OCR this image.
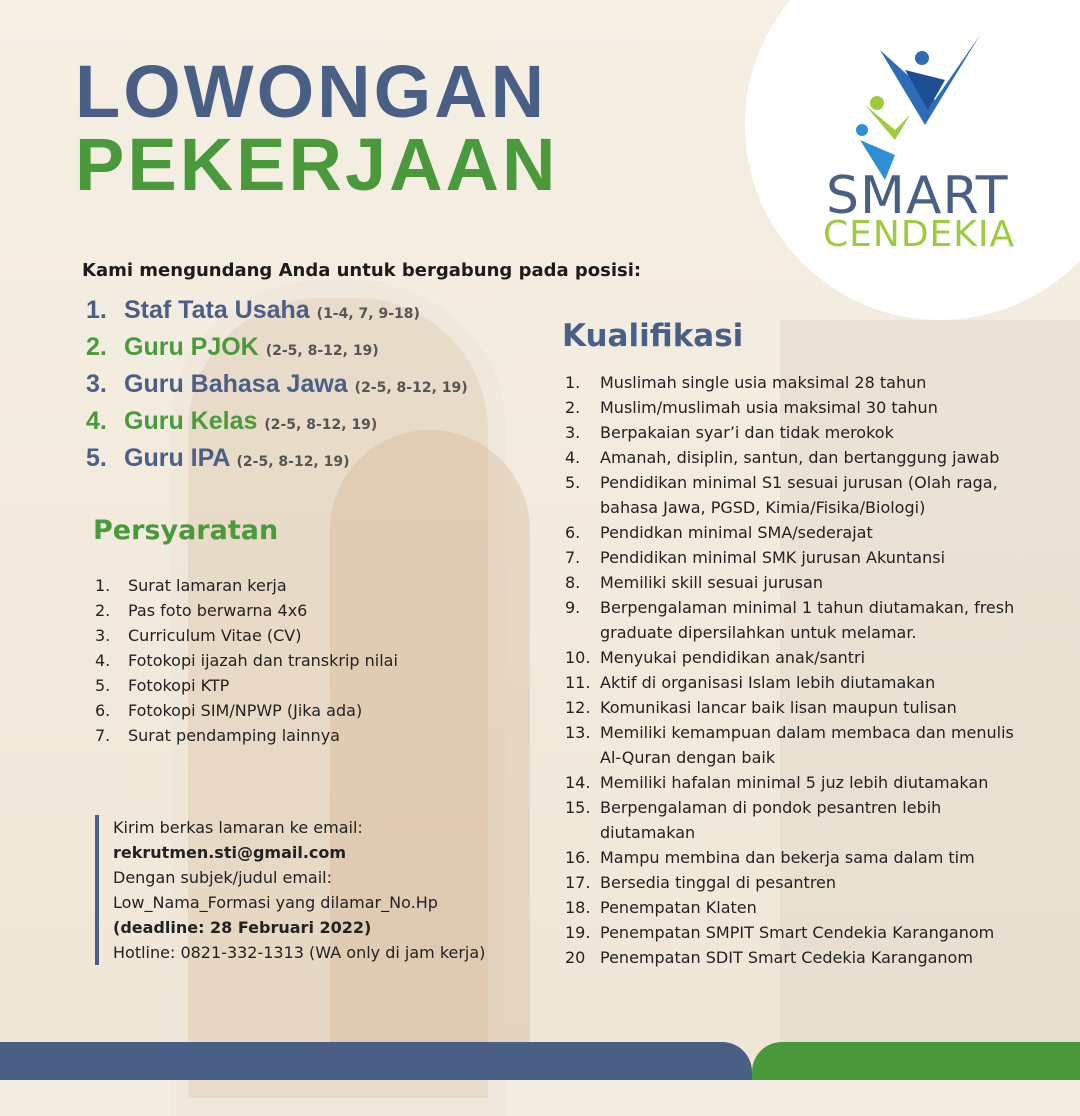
SMART
CENDEKIA
LOWONGAN
PEKERJAAN
Kami mengundang Anda untuk bergabung pada posisi:
1. Staf Tata Usaha (1-4, 7, 9-18)
2. Guru PJOK (2-5, 8-12, 19)
3. Guru Bahasa Jawa (2-5, 8-12, 19)
4. Guru Kelas (2-5, 8-12, 19)
5. Guru IPA (2-5, 8-12, 19)
Persyaratan
1. Surat lamaran kerja
2. Pas foto berwarna 4x6
3. Curriculum Vitae (CV)
4. Fotokopi ijazah dan transkrip nilai
5. Fotokopi KTP
6. Fotokopi SIM/NPWP (Jika ada)
7. Surat pendamping lainnya
Kirim berkas lamaran ke email:
rekrutmen.sti@gmail.com
Dengan subjek/judul email:
Low_Nama_Formasi yang dilamar_No.Hp
(deadline: 28 Februari 2022)
Hotline: 0821-332-1313 (WA only di jam kerja)
Kualifikasi
1.	Muslimah single usia maksimal 28 tahun
2.	Muslim/muslimah usia maksimal 30 tahun
3.	Berpakaian syar’i dan tidak merokok
4.	Amanah, disiplin, santun, dan bertanggung jawab
5.	Pendidikan minimal S1 sesuai jurusan (Olah raga, bahasa Jawa, PGSD, Kimia/Fisika/Biologi)
6.	Pendidkan minimal SMA/sederajat
7.	Pendidikan minimal SMK jurusan Akuntansi
8.	Memiliki skill sesuai jurusan
9.	Berpengalaman minimal 1 tahun diutamakan, fresh graduate dipersilahkan untuk melamar.
10. Menyukai pendidikan anak/santri
11. Aktif di organisasi Islam lebih diutamakan
12. Komunikasi lancar baik lisan maupun tulisan
13. Memiliki kemampuan dalam membaca dan menulis Al-Quran dengan baik
14. Memiliki hafalan minimal 5 juz lebih diutamakan
15. Berpengalaman di pondok pesantren lebih diutamakan
16. Mampu membina dan bekerja sama dalam tim
17. Bersedia tinggal di pesantren
18. Penempatan Klaten
19. Penempatan SMPIT Smart Cendekia Karanganom
20 Penempatan SDIT Smart Cedekia Karanganom
